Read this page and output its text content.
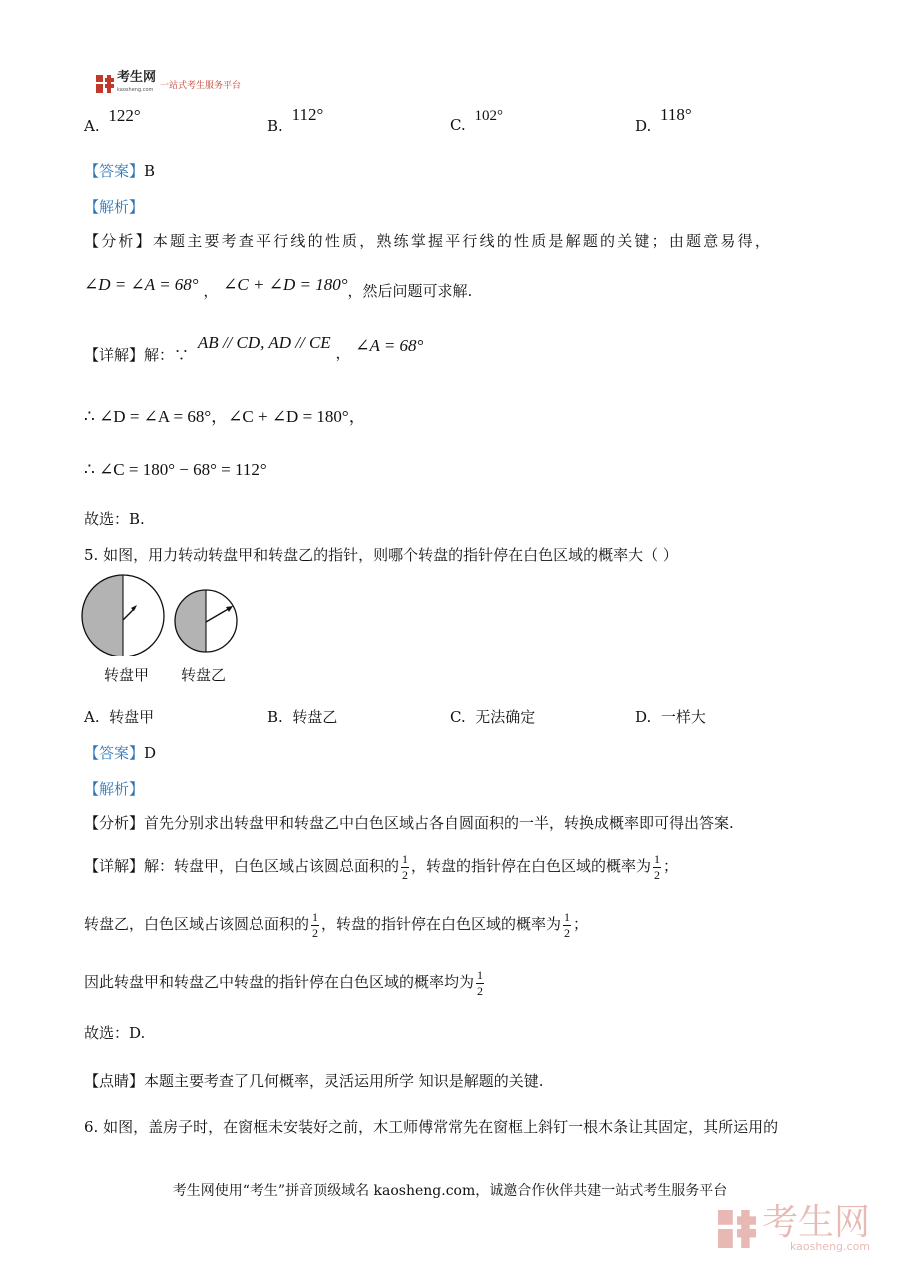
考生网
kaosheng.com 一站式考生服务平台
A. 122°
B. 112°
C. 102°
D. 118°
【答案】B
【解析】
【分析】本题主要考查平行线的性质，熟练掌握平行线的性质是解题的关键；由题意易得，
∠D = ∠A = 68° ， ∠C + ∠D = 180°，然后问题可求解.
【详解】解：∵ AB // CD, AD // CE ， ∠A = 68°
∴ ∠D = ∠A = 68°，∠C + ∠D = 180°，
∴ ∠C = 180° − 68° = 112°
故选：B.
5. 如图，用力转动转盘甲和转盘乙的指针，则哪个转盘的指针停在白色区域的概率大（ ）
转盘甲 转盘乙
A. 转盘甲	B. 转盘乙	C. 无法确定	D. 一样大
【答案】D
【解析】
【分析】首先分别求出转盘甲和转盘乙中白色区域占各自圆面积的一半，转换成概率即可得出答案.
【详解】解：转盘甲，白色区域占该圆总面积的 $\frac{1}{2}$ ，转盘的指针停在白色区域的概率为 $\frac{1}{2}$ ；
转盘乙，白色区域占该圆总面积的 $\frac{1}{2}$ ，转盘的指针停在白色区域的概率为 $\frac{1}{2}$ ；
因此转盘甲和转盘乙中转盘的指针停在白色区域的概率均为 $\frac{1}{2}$
故选：D.
【点睛】本题主要考查了几何概率，灵活运用所学 知识是解题的关键.
6. 如图，盖房子时，在窗框未安装好之前，木工师傅常常先在窗框上斜钉一根木条让其固定，其所运用的
考生网使用“考生”拼音顶级域名 kaosheng.com，诚邀合作伙伴共建一站式考生服务平台
考生网
kaosheng.com
